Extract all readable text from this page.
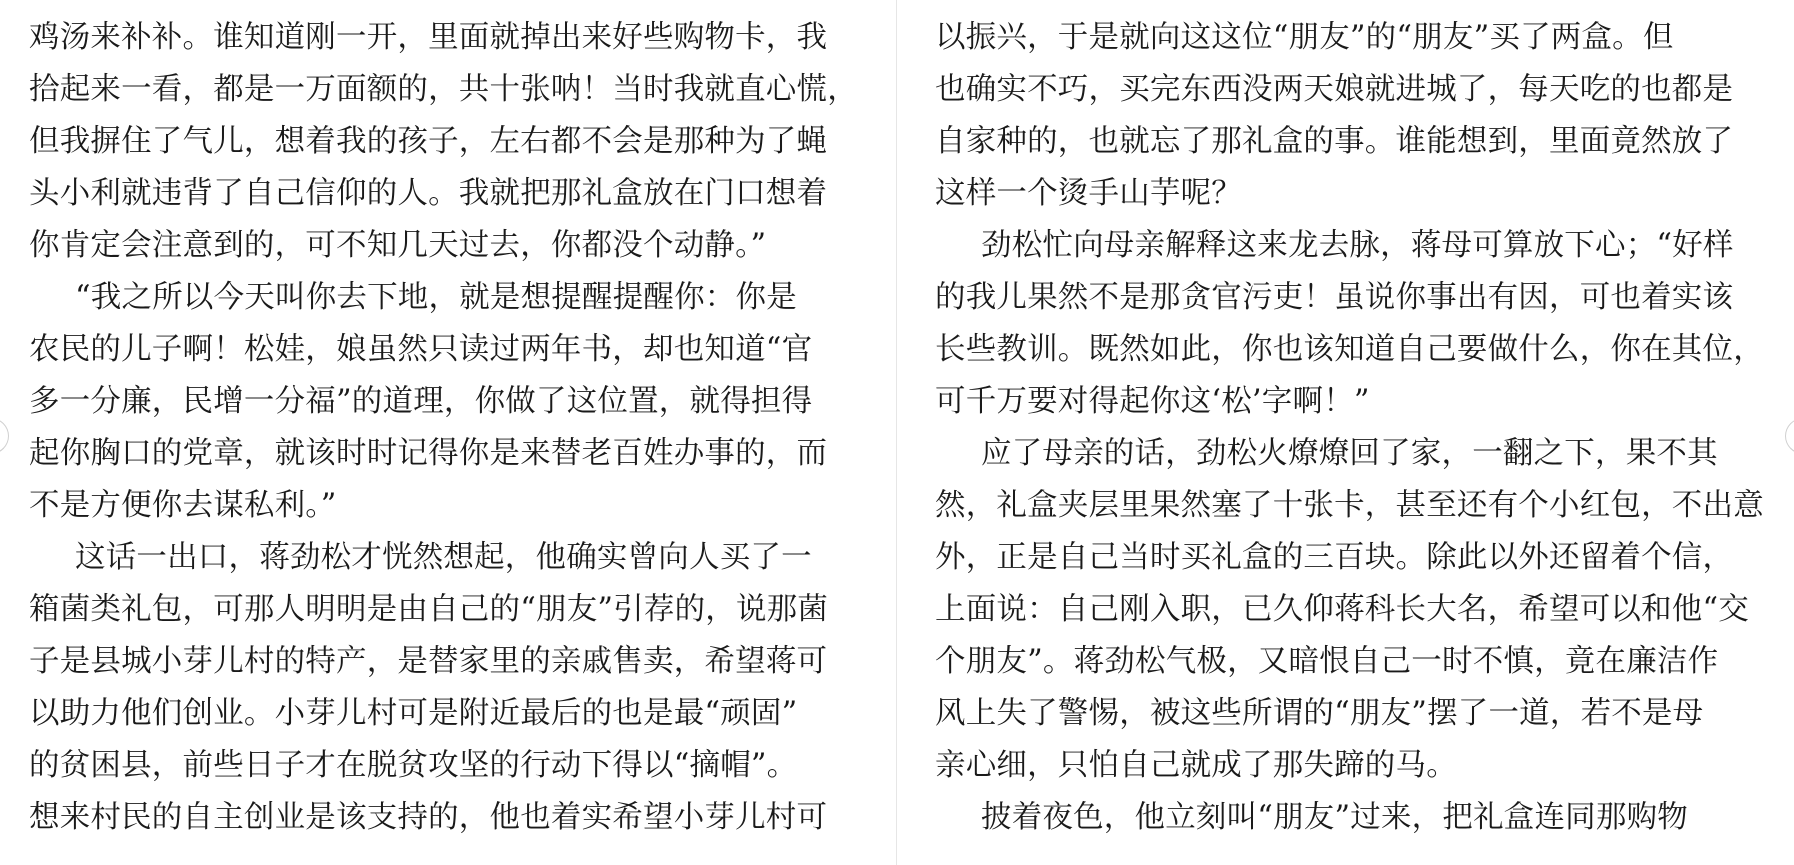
鸡汤来补补。谁知道刚一开，里面就掉出来好些购物卡，我
拾起来一看，都是一万面额的，共十张呐！当时我就直心慌，
但我摒住了气儿，想着我的孩子，左右都不会是那种为了蝇
头小利就违背了自己信仰的人。我就把那礼盒放在门口想着
你肯定会注意到的，可不知几天过去，你都没个动静。”
“我之所以今天叫你去下地，就是想提醒提醒你：你是
农民的儿子啊！松娃，娘虽然只读过两年书，却也知道“官
多一分廉，民增一分福”的道理，你做了这位置，就得担得
起你胸口的党章，就该时时记得你是来替老百姓办事的，而
不是方便你去谋私利。”
这话一出口，蒋劲松才恍然想起，他确实曾向人买了一
箱菌类礼包，可那人明明是由自己的“朋友”引荐的，说那菌
子是县城小芽儿村的特产，是替家里的亲戚售卖，希望蒋可
以助力他们创业。小芽儿村可是附近最后的也是最“顽固”
的贫困县，前些日子才在脱贫攻坚的行动下得以“摘帽”。
想来村民的自主创业是该支持的，他也着实希望小芽儿村可
以振兴，于是就向这这位“朋友”的“朋友”买了两盒。但
也确实不巧，买完东西没两天娘就进城了，每天吃的也都是
自家种的，也就忘了那礼盒的事。谁能想到，里面竟然放了
这样一个烫手山芋呢？
劲松忙向母亲解释这来龙去脉，蒋母可算放下心；“好样
的我儿果然不是那贪官污吏！虽说你事出有因，可也着实该
长些教训。既然如此，你也该知道自己要做什么，你在其位，
可千万要对得起你这‘松’字啊！”
应了母亲的话，劲松火燎燎回了家，一翻之下，果不其
然，礼盒夹层里果然塞了十张卡，甚至还有个小红包，不出意
外，正是自己当时买礼盒的三百块。除此以外还留着个信，
上面说：自己刚入职，已久仰蒋科长大名，希望可以和他“交
个朋友”。蒋劲松气极，又暗恨自己一时不慎，竟在廉洁作
风上失了警惕，被这些所谓的“朋友”摆了一道，若不是母
亲心细，只怕自己就成了那失蹄的马。
披着夜色，他立刻叫“朋友”过来，把礼盒连同那购物
